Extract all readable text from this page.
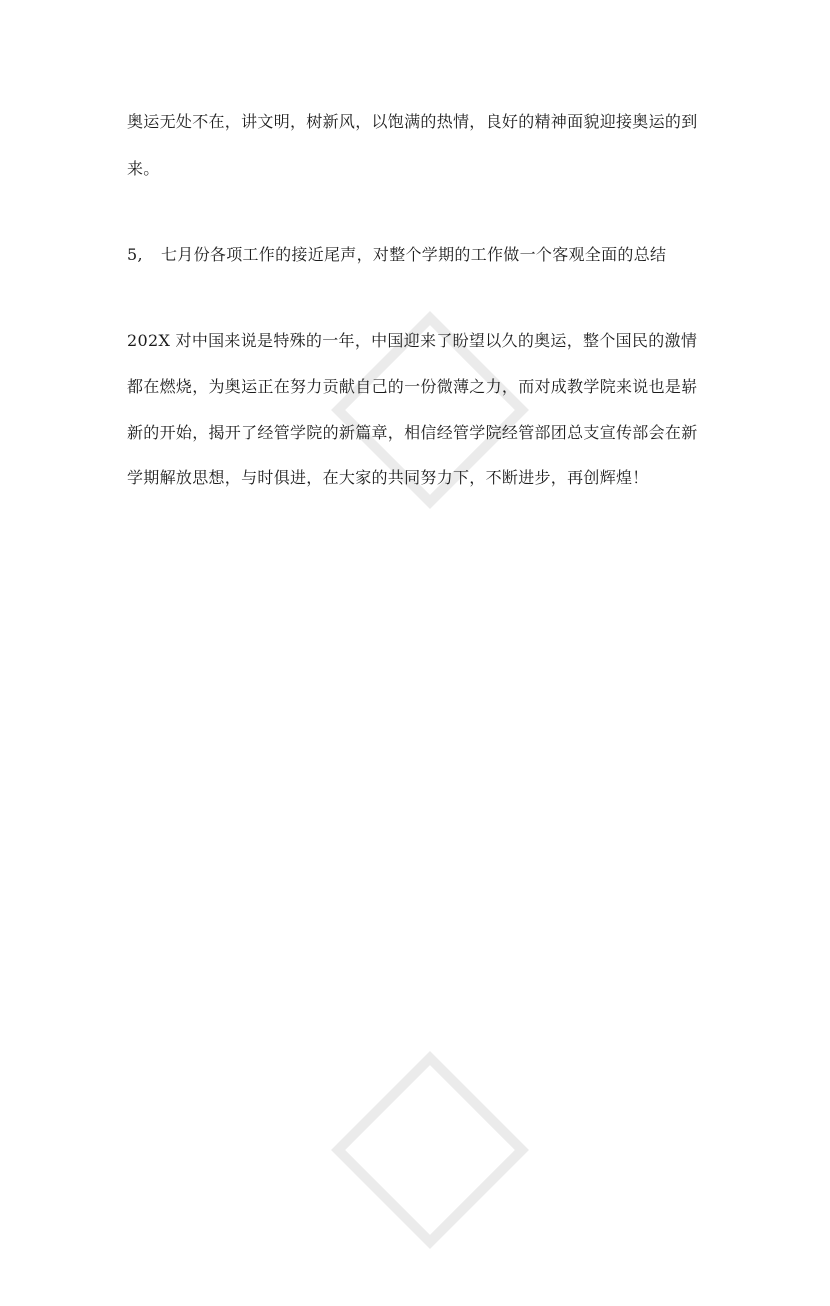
奥运无处不在，讲文明，树新风，以饱满的热情，良好的精神面貌迎接奥运的到
来。
5, 七月份各项工作的接近尾声，对整个学期的工作做一个客观全面的总结
202X 对中国来说是特殊的一年，中国迎来了盼望以久的奥运，整个国民的激情
都在燃烧，为奥运正在努力贡献自己的一份微薄之力，而对成教学院来说也是崭
新的开始，揭开了经管学院的新篇章，相信经管学院经管部团总支宣传部会在新
学期解放思想，与时俱进，在大家的共同努力下，不断进步，再创辉煌！
